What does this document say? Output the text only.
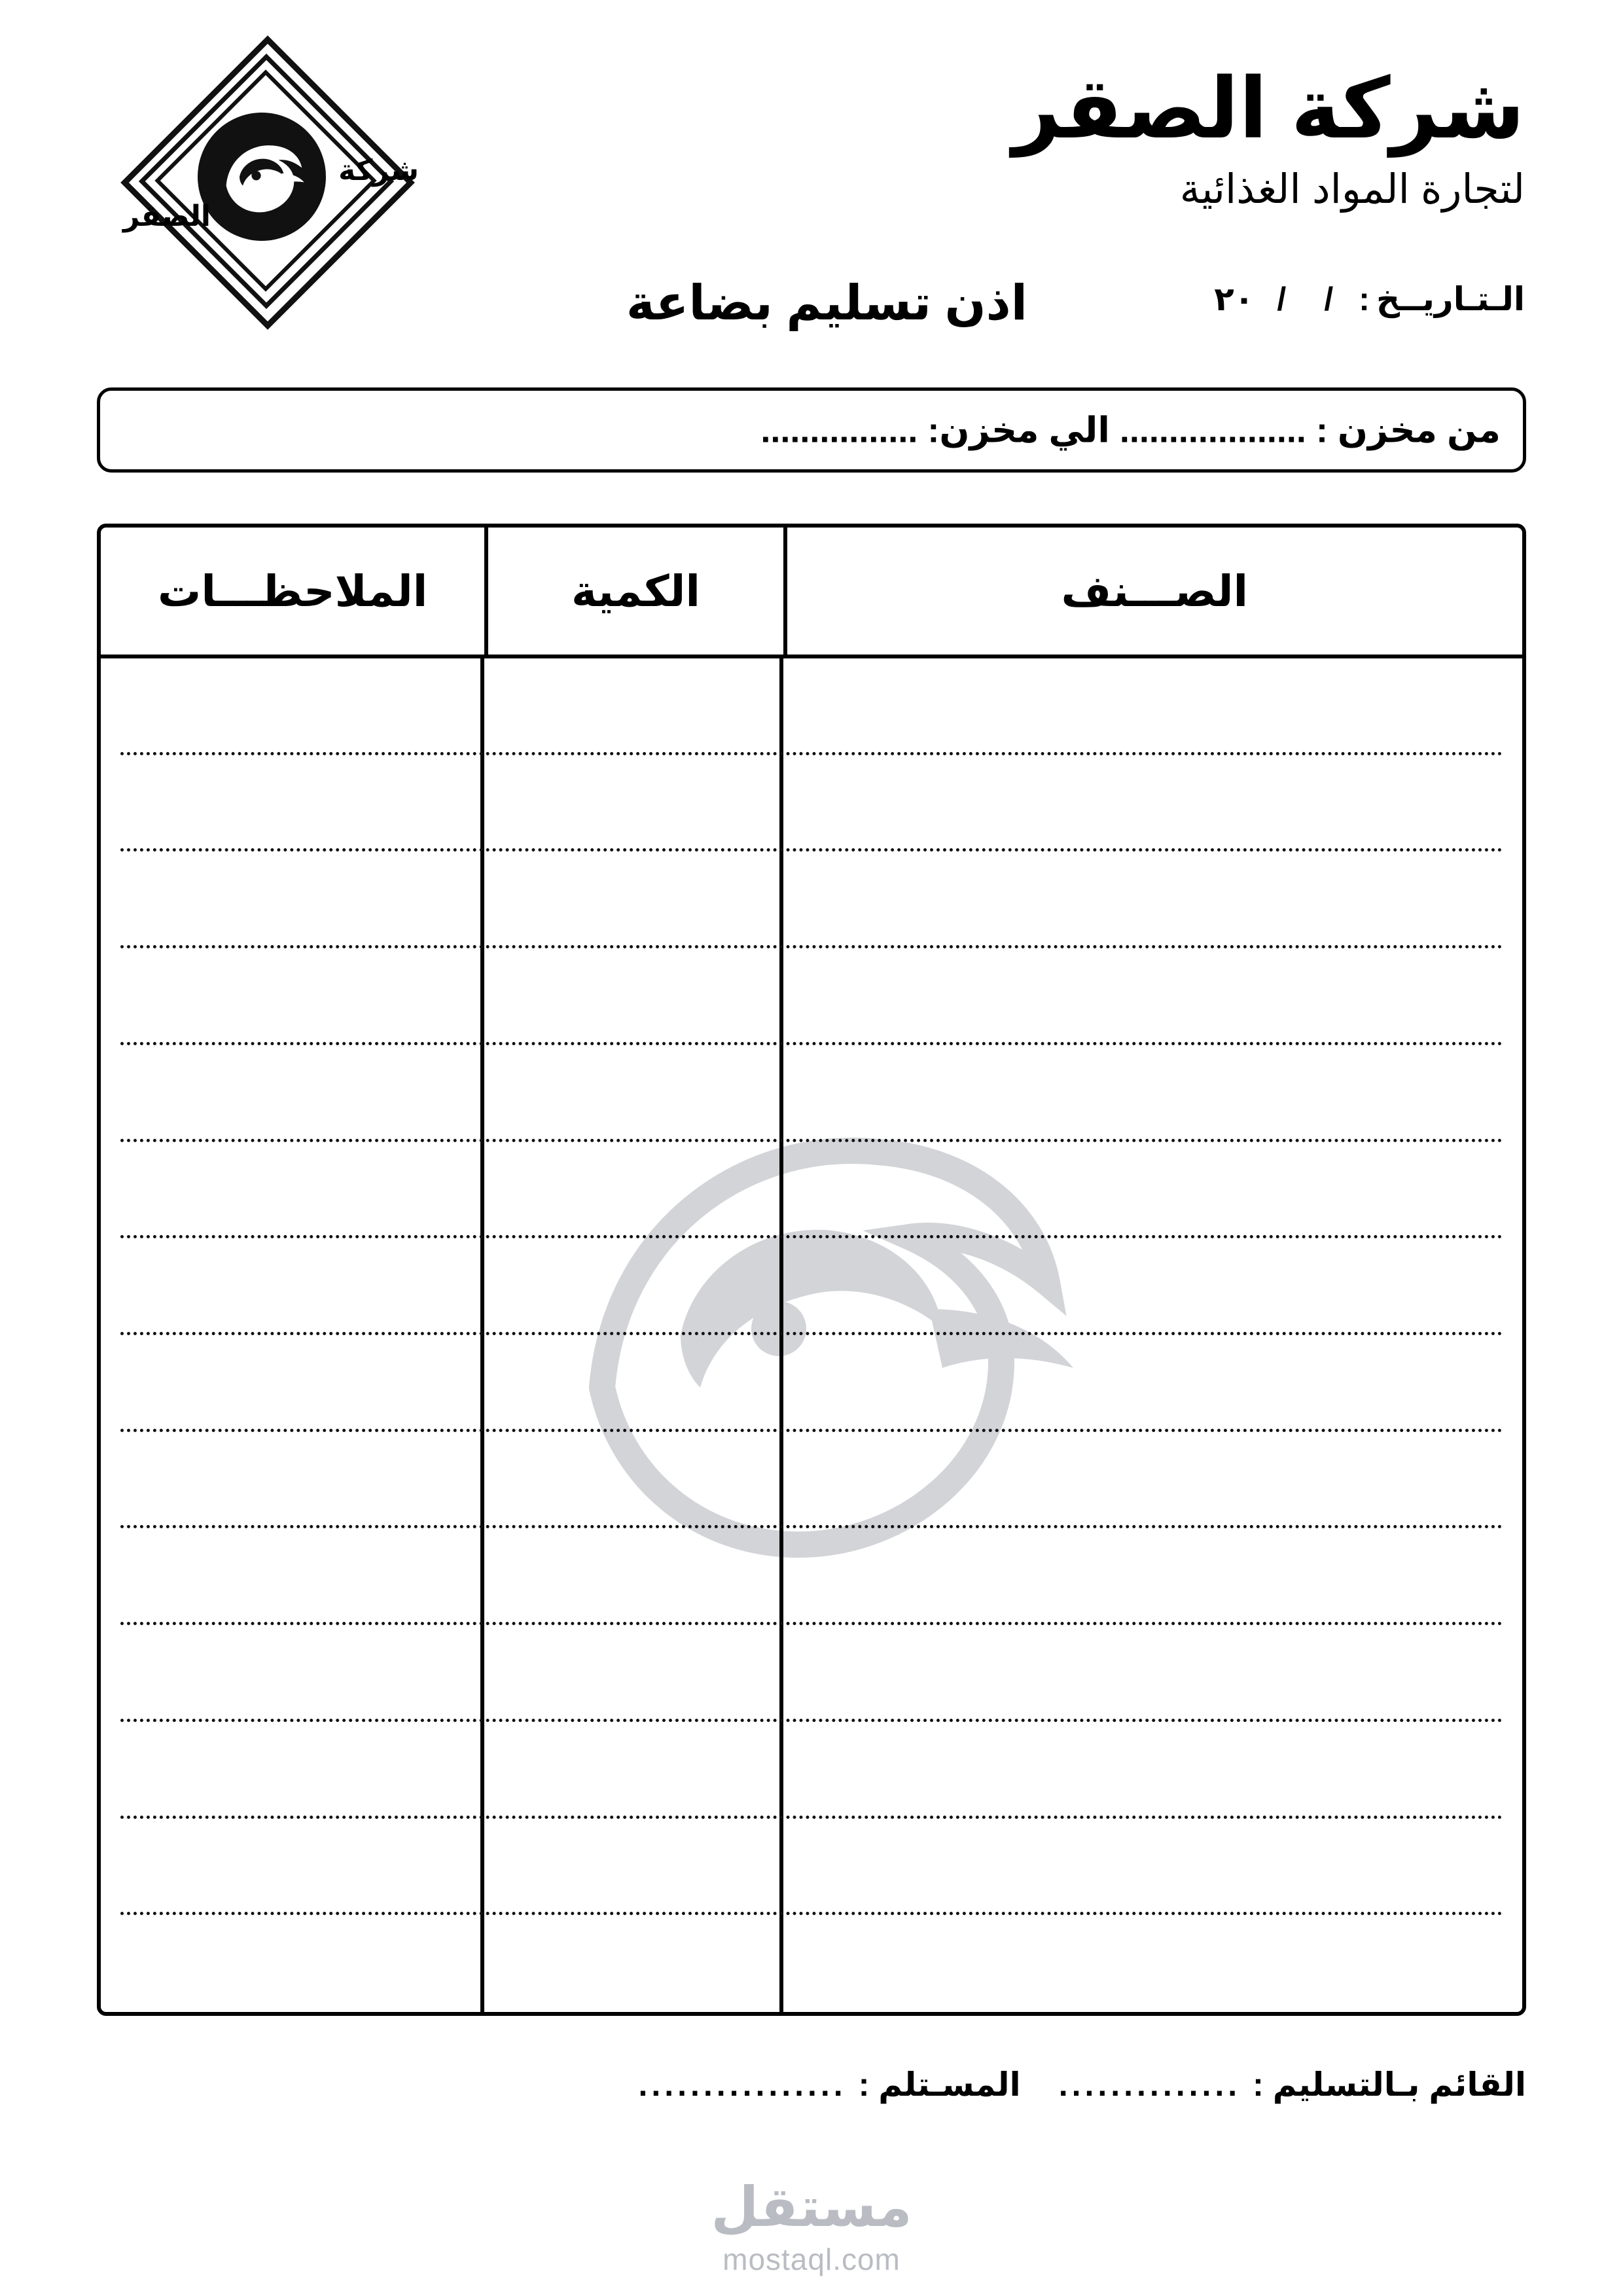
شركة الصقر
لتجارة المواد الغذائية
شركة
الصقر
الـتـاريــخ
:
/
/
٢٠
اذن تسليم بضاعة
من مخزن : ................... الي مخزن: ................
الصـــنف
الكمية
الملاحظـــات
القائم بـالتسليم :
..............
المسـتلم :
................
مستقل
mostaql.com
